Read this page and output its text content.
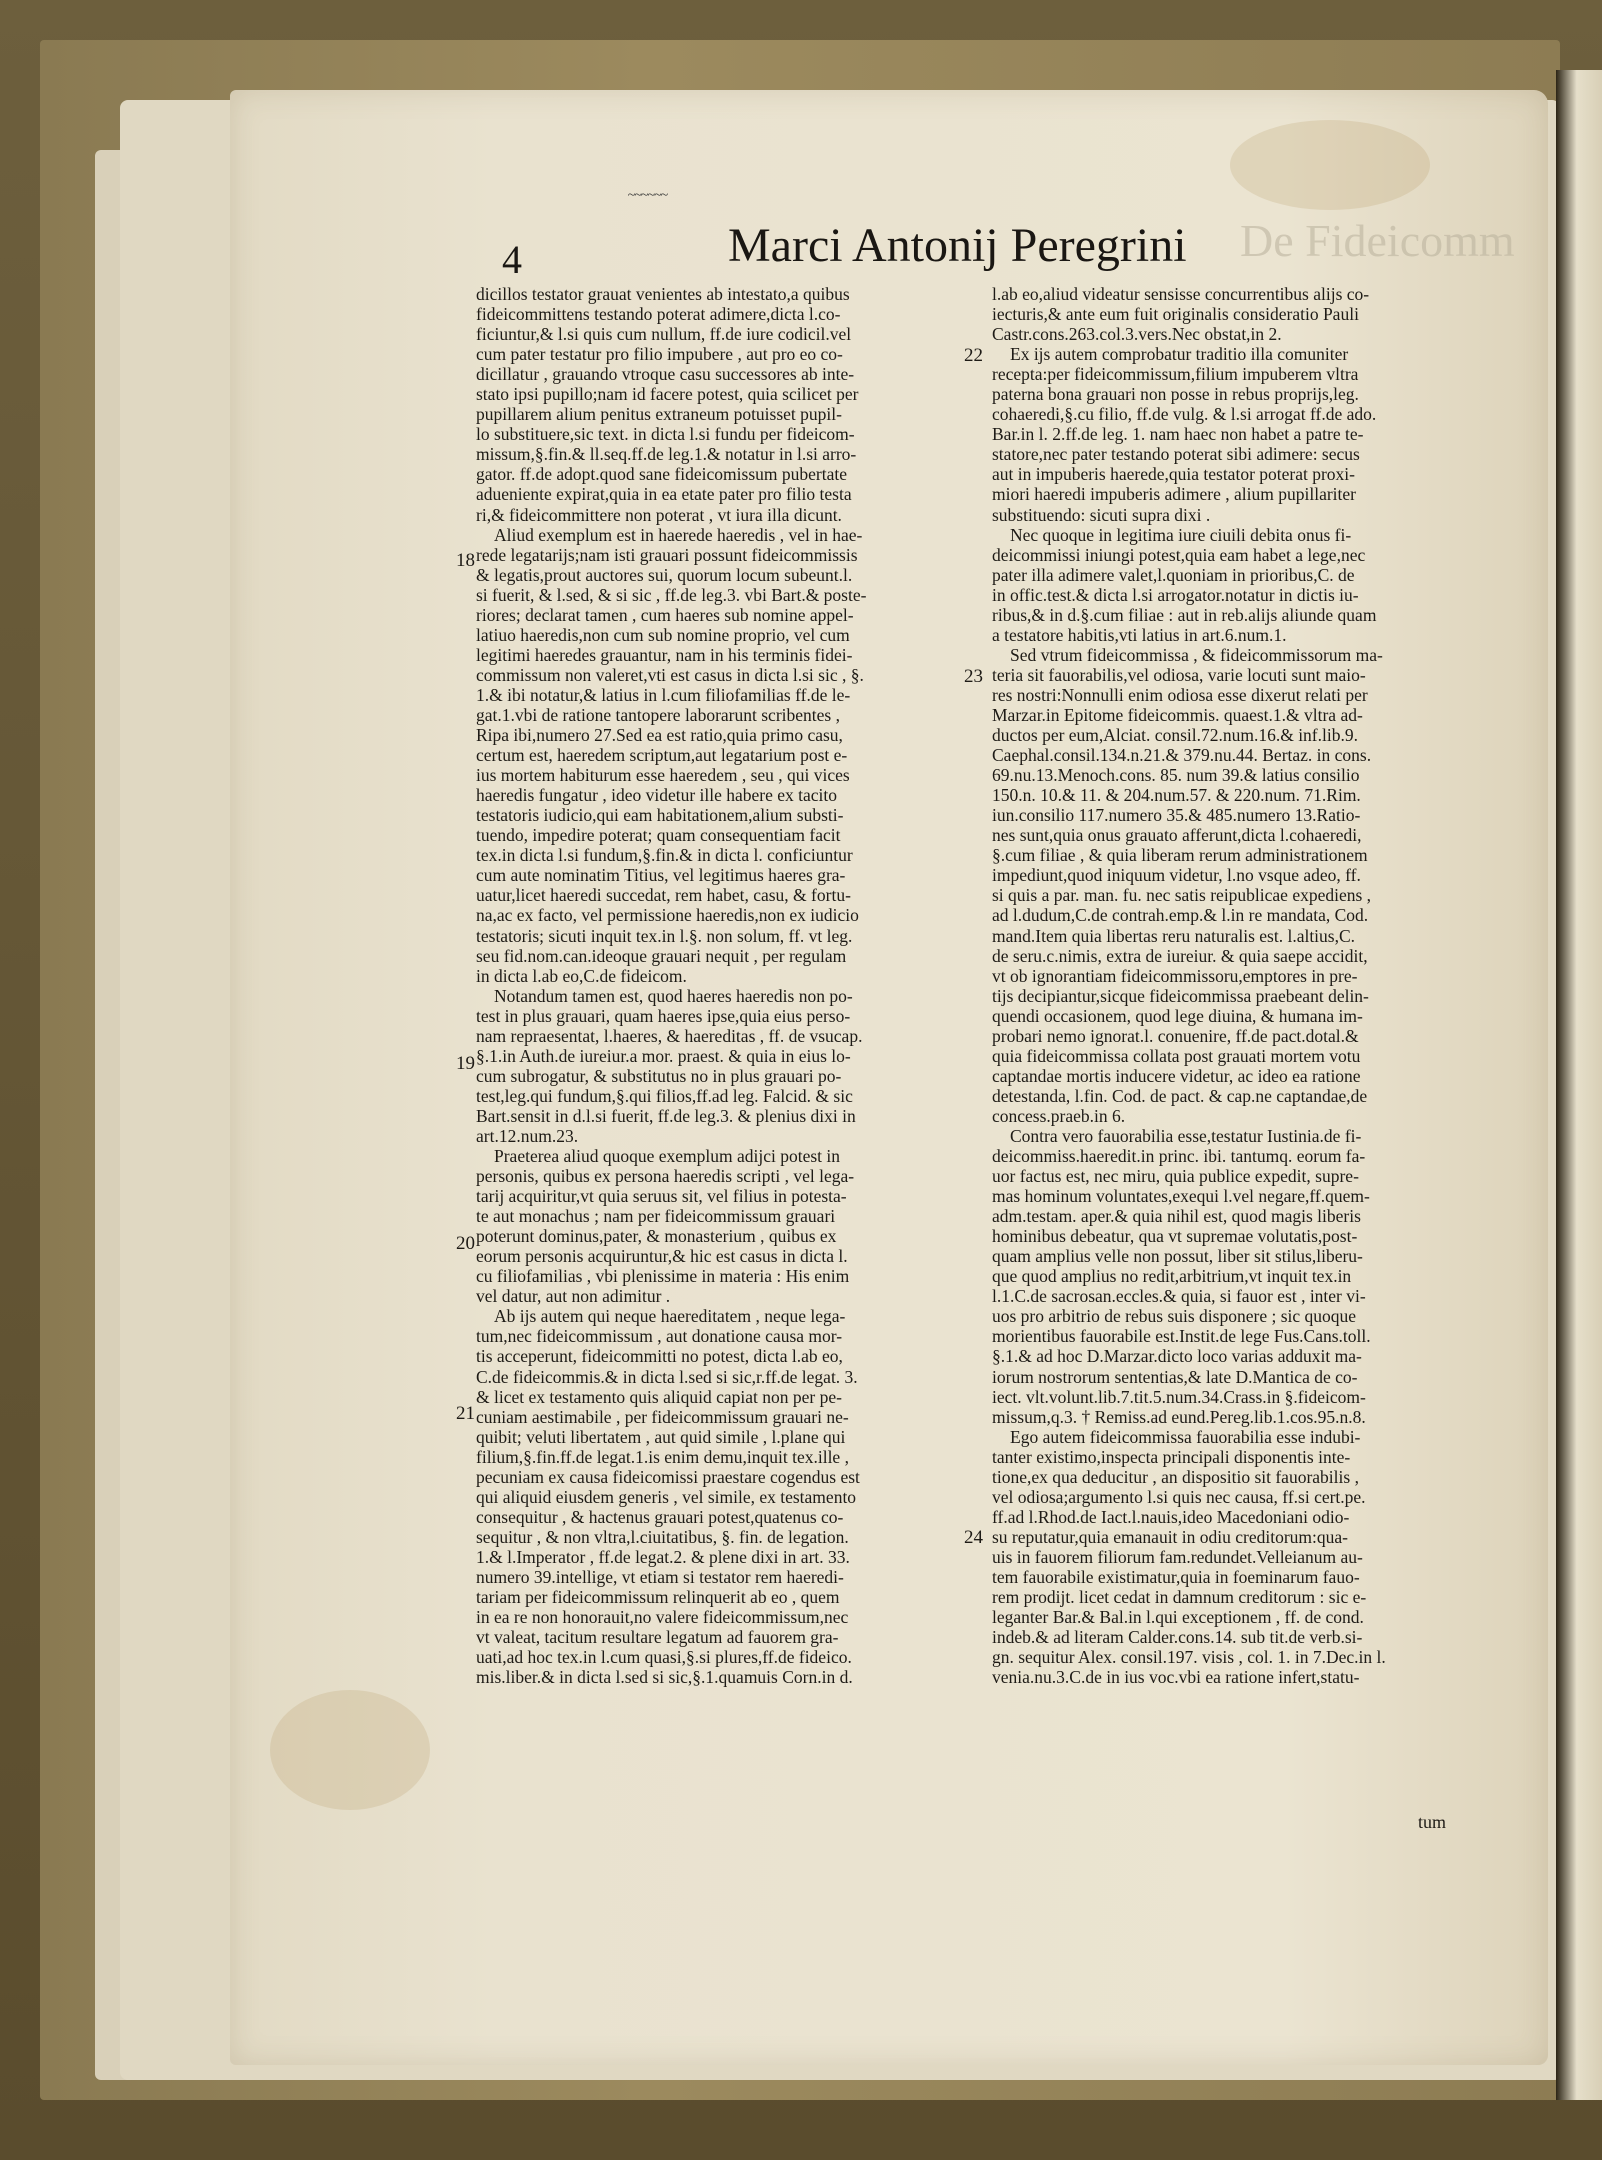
~~~~~~
4	Marci Antonij Peregrini De Fideicomm
18
19
20
21
22
23
24
dicillos testator grauat venientes ab intestato,a quibus
fideicommittens testando poterat adimere,dicta l.co-
ficiuntur,& l.si quis cum nullum, ff.de iure codicil.vel
cum pater testatur pro filio impubere , aut pro eo co-
dicillatur , grauando vtroque casu successores ab inte-
stato ipsi pupillo;nam id facere potest, quia scilicet per
pupillarem alium penitus extraneum potuisset pupil-
lo substituere,sic text. in dicta l.si fundu per fideicom-
missum,§.fin.& ll.seq.ff.de leg.1.& notatur in l.si arro-
gator. ff.de adopt.quod sane fideicomissum pubertate
adueniente expirat,quia in ea etate pater pro filio testa
ri,& fideicommittere non poterat , vt iura illa dicunt.
Aliud exemplum est in haerede haeredis , vel in hae-
rede legatarijs;nam isti grauari possunt fideicommissis
& legatis,prout auctores sui, quorum locum subeunt.l.
si fuerit, & l.sed, & si sic , ff.de leg.3. vbi Bart.& poste-
riores; declarat tamen , cum haeres sub nomine appel-
latiuo haeredis,non cum sub nomine proprio, vel cum
legitimi haeredes grauantur, nam in his terminis fidei-
commissum non valeret,vti est casus in dicta l.si sic , §.
1.& ibi notatur,& latius in l.cum filiofamilias ff.de le-
gat.1.vbi de ratione tantopere laborarunt scribentes ,
Ripa ibi,numero 27.Sed ea est ratio,quia primo casu,
certum est, haeredem scriptum,aut legatarium post e-
ius mortem habiturum esse haeredem , seu , qui vices
haeredis fungatur , ideo videtur ille habere ex tacito
testatoris iudicio,qui eam habitationem,alium substi-
tuendo, impedire poterat; quam consequentiam facit
tex.in dicta l.si fundum,§.fin.& in dicta l. conficiuntur
cum aute nominatim Titius, vel legitimus haeres gra-
uatur,licet haeredi succedat, rem habet, casu, & fortu-
na,ac ex facto, vel permissione haeredis,non ex iudicio
testatoris; sicuti inquit tex.in l.§. non solum, ff. vt leg.
seu fid.nom.can.ideoque grauari nequit , per regulam
in dicta l.ab eo,C.de fideicom.
Notandum tamen est, quod haeres haeredis non po-
test in plus grauari, quam haeres ipse,quia eius perso-
nam repraesentat, l.haeres, & haereditas , ff. de vsucap.
§.1.in Auth.de iureiur.a mor. praest. & quia in eius lo-
cum subrogatur, & substitutus no in plus grauari po-
test,leg.qui fundum,§.qui filios,ff.ad leg. Falcid. & sic
Bart.sensit in d.l.si fuerit, ff.de leg.3. & plenius dixi in
art.12.num.23.
Praeterea aliud quoque exemplum adijci potest in
personis, quibus ex persona haeredis scripti , vel lega-
tarij acquiritur,vt quia seruus sit, vel filius in potesta-
te aut monachus ; nam per fideicommissum grauari
poterunt dominus,pater, & monasterium , quibus ex
eorum personis acquiruntur,& hic est casus in dicta l.
cu filiofamilias , vbi plenissime in materia : His enim
vel datur, aut non adimitur .
Ab ijs autem qui neque haereditatem , neque lega-
tum,nec fideicommissum , aut donatione causa mor-
tis acceperunt, fideicommitti no potest, dicta l.ab eo,
C.de fideicommis.& in dicta l.sed si sic,r.ff.de legat. 3.
& licet ex testamento quis aliquid capiat non per pe-
cuniam aestimabile , per fideicommissum grauari ne-
quibit; veluti libertatem , aut quid simile , l.plane qui
filium,§.fin.ff.de legat.1.is enim demu,inquit tex.ille ,
pecuniam ex causa fideicomissi praestare cogendus est
qui aliquid eiusdem generis , vel simile, ex testamento
consequitur , & hactenus grauari potest,quatenus co-
sequitur , & non vltra,l.ciuitatibus, §. fin. de legation.
1.& l.Imperator , ff.de legat.2. & plene dixi in art. 33.
numero 39.intellige, vt etiam si testator rem haeredi-
tariam per fideicommissum relinquerit ab eo , quem
in ea re non honorauit,no valere fideicommissum,nec
vt valeat, tacitum resultare legatum ad fauorem gra-
uati,ad hoc tex.in l.cum quasi,§.si plures,ff.de fideico.
mis.liber.& in dicta l.sed si sic,§.1.quamuis Corn.in d.
l.ab eo,aliud videatur sensisse concurrentibus alijs co-
iecturis,& ante eum fuit originalis consideratio Pauli
Castr.cons.263.col.3.vers.Nec obstat,in 2.
Ex ijs autem comprobatur traditio illa comuniter
recepta:per fideicommissum,filium impuberem vltra
paterna bona grauari non posse in rebus proprijs,leg.
cohaeredi,§.cu filio, ff.de vulg. & l.si arrogat ff.de ado.
Bar.in l. 2.ff.de leg. 1. nam haec non habet a patre te-
statore,nec pater testando poterat sibi adimere: secus
aut in impuberis haerede,quia testator poterat proxi-
miori haeredi impuberis adimere , alium pupillariter
substituendo: sicuti supra dixi .
Nec quoque in legitima iure ciuili debita onus fi-
deicommissi iniungi potest,quia eam habet a lege,nec
pater illa adimere valet,l.quoniam in prioribus,C. de
in offic.test.& dicta l.si arrogator.notatur in dictis iu-
ribus,& in d.§.cum filiae : aut in reb.alijs aliunde quam
a testatore habitis,vti latius in art.6.num.1.
Sed vtrum fideicommissa , & fideicommissorum ma-
teria sit fauorabilis,vel odiosa, varie locuti sunt maio-
res nostri:Nonnulli enim odiosa esse dixerut relati per
Marzar.in Epitome fideicommis. quaest.1.& vltra ad-
ductos per eum,Alciat. consil.72.num.16.& inf.lib.9.
Caephal.consil.134.n.21.& 379.nu.44. Bertaz. in cons.
69.nu.13.Menoch.cons. 85. num 39.& latius consilio
150.n. 10.& 11. & 204.num.57. & 220.num. 71.Rim.
iun.consilio 117.numero 35.& 485.numero 13.Ratio-
nes sunt,quia onus grauato afferunt,dicta l.cohaeredi,
§.cum filiae , & quia liberam rerum administrationem
impediunt,quod iniquum videtur, l.no vsque adeo, ff.
si quis a par. man. fu. nec satis reipublicae expediens ,
ad l.dudum,C.de contrah.emp.& l.in re mandata, Cod.
mand.Item quia libertas reru naturalis est. l.altius,C.
de seru.c.nimis, extra de iureiur. & quia saepe accidit,
vt ob ignorantiam fideicommissoru,emptores in pre-
tijs decipiantur,sicque fideicommissa praebeant delin-
quendi occasionem, quod lege diuina, & humana im-
probari nemo ignorat.l. conuenire, ff.de pact.dotal.&
quia fideicommissa collata post grauati mortem votu
captandae mortis inducere videtur, ac ideo ea ratione
detestanda, l.fin. Cod. de pact. & cap.ne captandae,de
concess.praeb.in 6.
Contra vero fauorabilia esse,testatur Iustinia.de fi-
deicommiss.haeredit.in princ. ibi. tantumq. eorum fa-
uor factus est, nec miru, quia publice expedit, supre-
mas hominum voluntates,exequi l.vel negare,ff.quem-
adm.testam. aper.& quia nihil est, quod magis liberis
hominibus debeatur, qua vt supremae volutatis,post-
quam amplius velle non possut, liber sit stilus,liberu-
que quod amplius no redit,arbitrium,vt inquit tex.in
l.1.C.de sacrosan.eccles.& quia, si fauor est , inter vi-
uos pro arbitrio de rebus suis disponere ; sic quoque
morientibus fauorabile est.Instit.de lege Fus.Cans.toll.
§.1.& ad hoc D.Marzar.dicto loco varias adduxit ma-
iorum nostrorum sententias,& late D.Mantica de co-
iect. vlt.volunt.lib.7.tit.5.num.34.Crass.in §.fideicom-
missum,q.3. † Remiss.ad eund.Pereg.lib.1.cos.95.n.8.
Ego autem fideicommissa fauorabilia esse indubi-
tanter existimo,inspecta principali disponentis inte-
tione,ex qua deducitur , an dispositio sit fauorabilis ,
vel odiosa;argumento l.si quis nec causa, ff.si cert.pe.
ff.ad l.Rhod.de Iact.l.nauis,ideo Macedoniani odio-
su reputatur,quia emanauit in odiu creditorum:qua-
uis in fauorem filiorum fam.redundet.Velleianum au-
tem fauorabile existimatur,quia in foeminarum fauo-
rem prodijt. licet cedat in damnum creditorum : sic e-
leganter Bar.& Bal.in l.qui exceptionem , ff. de cond.
indeb.& ad literam Calder.cons.14. sub tit.de verb.si-
gn. sequitur Alex. consil.197. visis , col. 1. in 7.Dec.in l.
venia.nu.3.C.de in ius voc.vbi ea ratione infert,statu-
tum
